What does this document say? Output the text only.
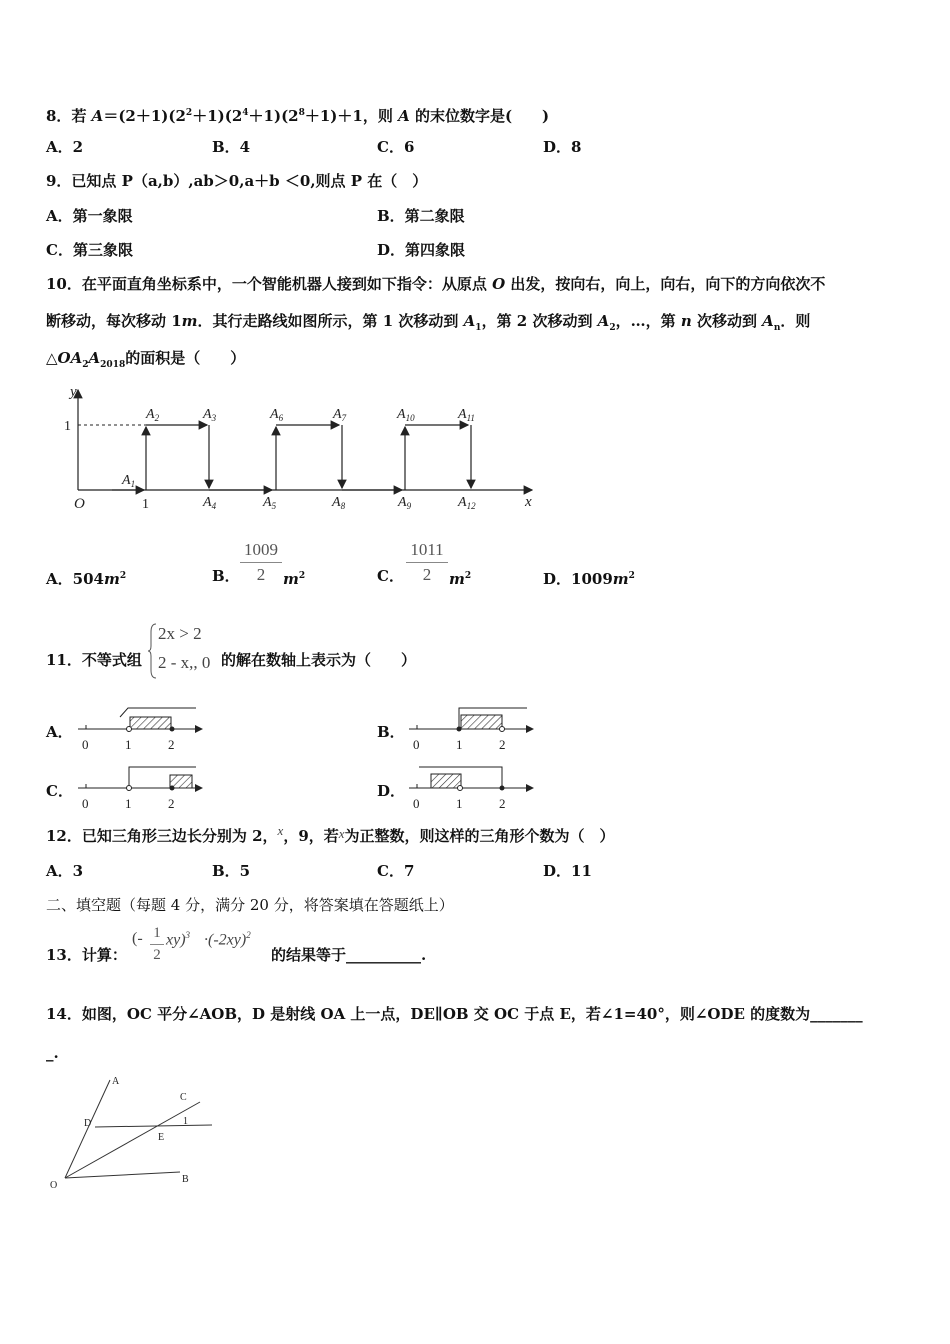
8．若 $A=(2+1)(2^2+1)(2^4+1)(2^8+1)+1$，则 A 的末位数字是(　　)
A．2	B．4	C．6	D．8
9．已知点 P（a,b）,ab＞0,a＋b ＜0,则点 P 在（　）
A．第一象限	B．第二象限
C．第三象限	D．第四象限
10．在平面直角坐标系中，一个智能机器人接到如下指令：从原点 O 出发，按向右，向上，向右，向下的方向依次不
断移动，每次移动 1m．其行走路线如图所示，第 1 次移动到 $A_1$，第 2 次移动到 $A_2$，…，第 n 次移动到 $A_n$．则
$\triangle OA_2A_{2018}$的面积是（　　）
y
x
O
1
1
$A_1$
$A_2$	$A_3$
$A_4$	$A_5$
$A_6$	$A_7$
$A_8$	$A_9$
$A_{10}$	$A_{11}$
$A_{12}$
A．$504m^2$	B．
1009
2	$m^2$	C．
1011
2	$m^2$	D．$1009m^2$
11．不等式组
2x > 2
2 - x,, 0 的解在数轴上表示为（　　）
A．
0	1	2
B．
0	1	2
C．
0	1	2
D．
0	1	2
12．已知三角形三边长分别为 2，x，9，若x为正整数，则这样的三角形个数为（　）
A．3	B．5	C．7	D．11
二、填空题（每题 4 分，满分 20 分，将答案填在答题纸上）
13．计算：
(- 1
2
$xy)^3 \cdot(-2xy)^2$
的结果等于__________.
14．如图，OC 平分∠AOB，D 是射线 OA 上一点，DE∥OB 交 OC 于点 E，若∠1=40°，则∠ODE 的度数为_______
_.
A
C
D
E
1
O
B
